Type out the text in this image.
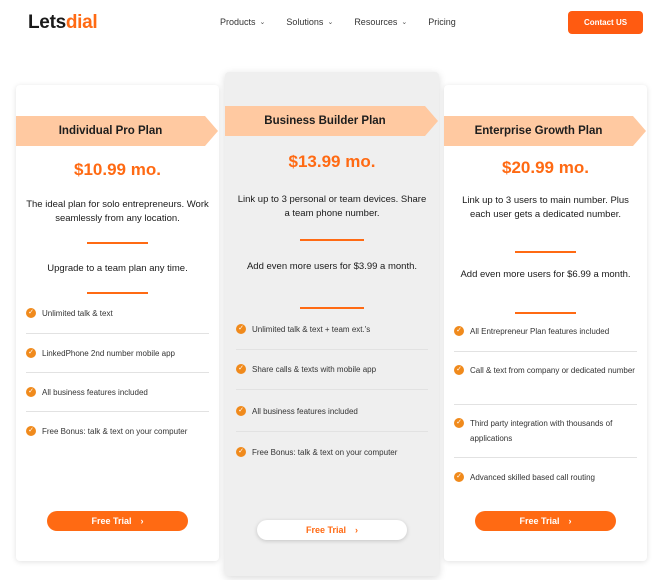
Letsdial	Products ⌄ Solutions ⌄ Resources ⌄ Pricing	Contact US
Individual Pro Plan
$10.99 mo.
The ideal plan for solo entrepreneurs. Work seamlessly from any location.
Upgrade to a team plan any time.
✓ Unlimited talk & text
✓ LinkedPhone 2nd number mobile app
✓ All business features included
✓ Free Bonus: talk & text on your computer
Free Trial ›
Business Builder Plan
$13.99 mo.
Link up to 3 personal or team devices. Share a team phone number.
Add even more users for $3.99 a month.
✓ Unlimited talk & text + team ext.'s
✓ Share calls & texts with mobile app
✓ All business features included
✓ Free Bonus: talk & text on your computer
Free Trial ›
Enterprise Growth Plan
$20.99 mo.
Link up to 3 users to main number. Plus each user gets a dedicated number.
Add even more users for $6.99 a month.
✓ All Entrepreneur Plan features included
✓ Call & text from company or dedicated number
✓ Third party integration with thousands of applications
✓ Advanced skilled based call routing
Free Trial ›
